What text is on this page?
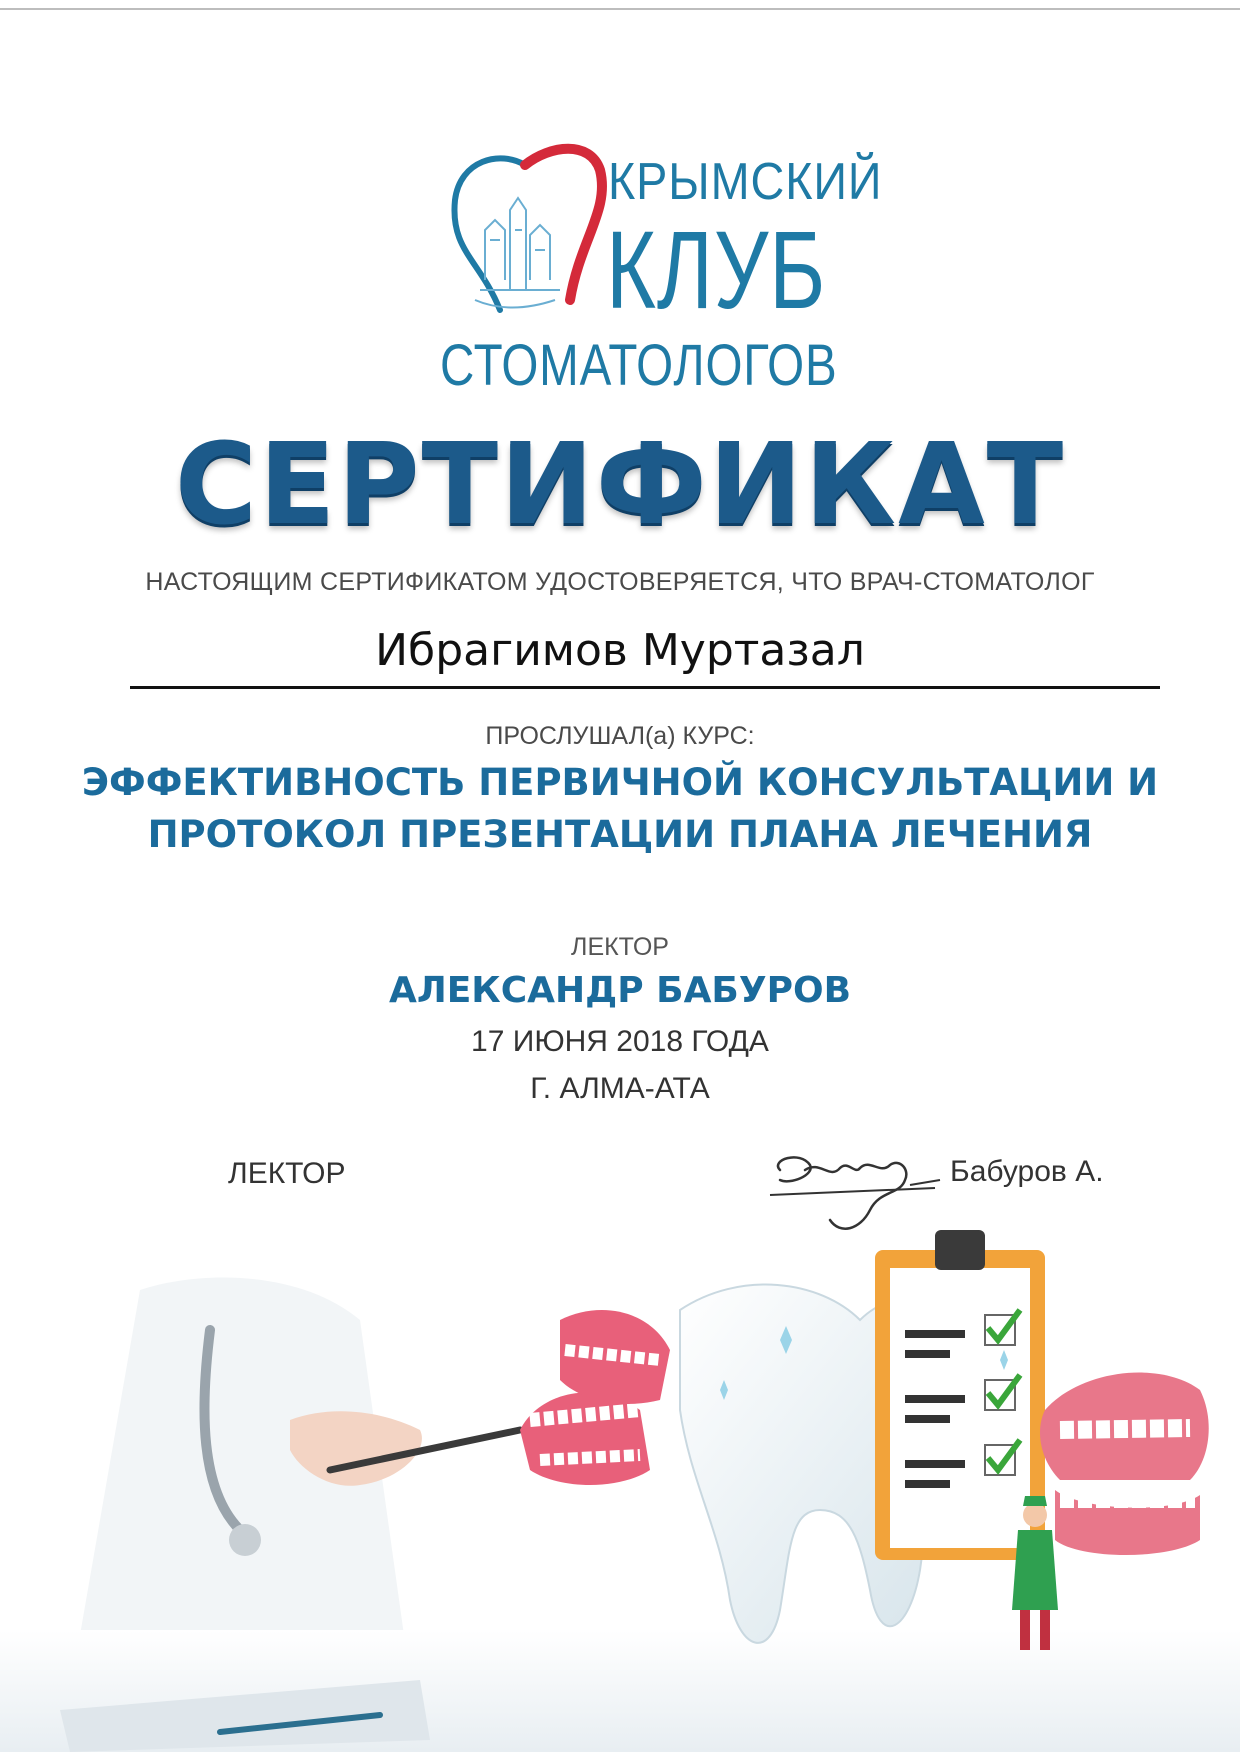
КРЫМСКИЙ
КЛУБ
СТОМАТОЛОГОВ
СЕРТИФИКАТ
НАСТОЯЩИМ СЕРТИФИКАТОМ УДОСТОВЕРЯЕТСЯ, ЧТО ВРАЧ-СТОМАТОЛОГ
Ибрагимов Муртазал
ПРОСЛУШАЛ(а) КУРС:
ЭФФЕКТИВНОСТЬ ПЕРВИЧНОЙ КОНСУЛЬТАЦИИ И
ПРОТОКОЛ ПРЕЗЕНТАЦИИ ПЛАНА ЛЕЧЕНИЯ
ЛЕКТОР
АЛЕКСАНДР БАБУРОВ
17 ИЮНЯ 2018 ГОДА
Г. АЛМА-АТА
ЛЕКТОР	Бабуров А.
